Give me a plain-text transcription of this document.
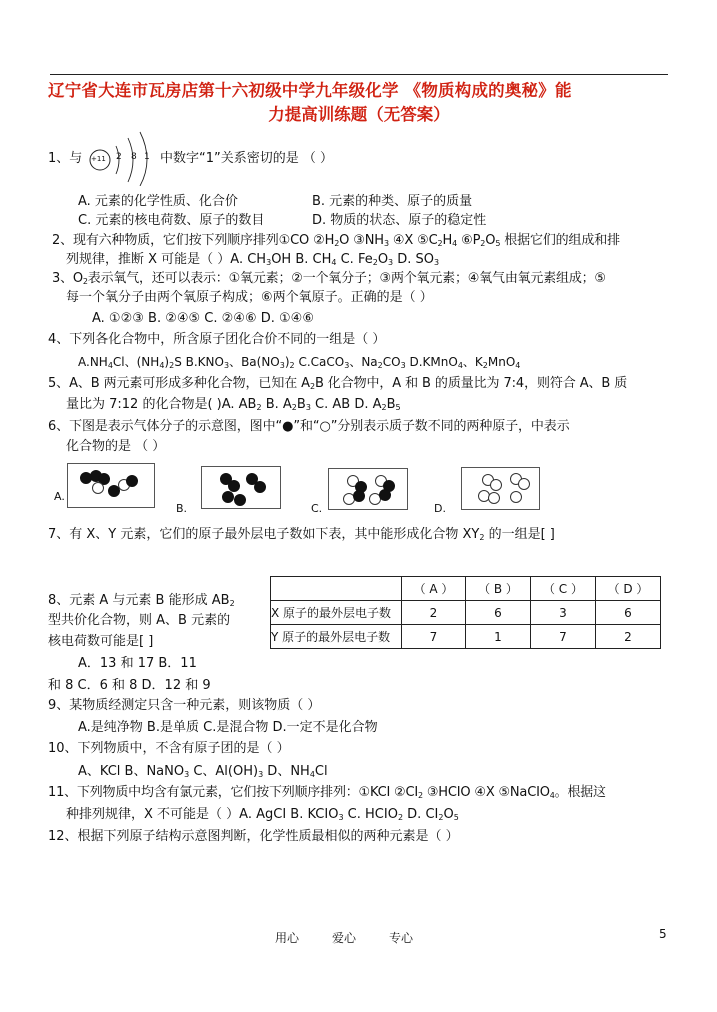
辽宁省大连市瓦房店第十六初级中学九年级化学 《物质构成的奥秘》能
力提高训练题（无答案）
1、与 +11 2 8 1 中数字“1”关系密切的是 （ ）
A. 元素的化学性质、化合价	B. 元素的种类、原子的质量
C. 元素的核电荷数、原子的数目	D. 物质的状态、原子的稳定性
2、现有六种物质，它们按下列顺序排列①CO $②H_2O$ $③NH_3$ ④X $⑤C_2H_4$ $⑥P_2O_5$ 根据它们的组成和排
列规律，推断 X 可能是（ ）A. $CH_3OH$ B. $CH_4$ C. $Fe_2O_3$ D. $SO_3$
3、$O_2$表示氧气，还可以表示：①氧元素；②一个氧分子；③两个氧元素；④氧气由氧元素组成；⑤
每一个氧分子由两个氧原子构成；⑥两个氧原子。正确的是（ ）
A. ①②③ B. ②④⑤ C. ②④⑥ D. ①④⑥
4、下列各化合物中，所含原子团化合价不同的一组是（ ）
$A.NH_4Cl$、$(NH_4)_2S$ $B.KNO_3$、$Ba(NO_3)_2$ C.CaCO$_3$、$Na_2CO_3$ D.KMnO$_4$、$K_2MnO_4$
5、A、B 两元素可形成多种化合物，已知在 $A_2B$ 化合物中，A 和 B 的质量比为 7:4，则符合 A、B 质
量比为 7:12 的化合物是( )A. $AB_2$ B. $A_2B_3$ C. AB D. $A_2B_5$
6、下图是表示气体分子的示意图，图中“●”和“○”分别表示质子数不同的两种原子，中表示
化合物的是 （ ）
A.
B.	C.	D.
7、有 X、Y 元素，它们的原子最外层电子数如下表，其中能形成化合物 $XY_2$ 的一组是[ ]
	（ A ）	（ B ）	（ C ）	（ D ）
X 原子的最外层电子数	2	6	3	6
Y 原子的最外层电子数	7	1	7	2
8、元素 A 与元素 B 能形成 $AB_2$
型共价化合物，则 A、B 元素的
核电荷数可能是[ ]
A．13 和 17 B．11
和 8 C．6 和 8 D．12 和 9
9、某物质经测定只含一种元素，则该物质（ ）
A.是纯净物 B.是单质 C.是混合物 D.一定不是化合物
10、下列物质中，不含有原子团的是（ ）
A、KCl B、NaNO$_3$ C、$Al(OH)_3$ D、$NH_4Cl$
11、下列物质中均含有氯元素，它们按下列顺序排列：①KCI $②CI_2$ ③HCIO ④X ⑤NaCIO$_4$。根据这
种排列规律，X 不可能是（ ）A. AgCI B. $KCIO_3$ C. $HCIO_2$ D. $CI_2O_5$
12、根据下列原子结构示意图判断，化学性质最相似的两种元素是（ ）
用心	爱心	专心	5
